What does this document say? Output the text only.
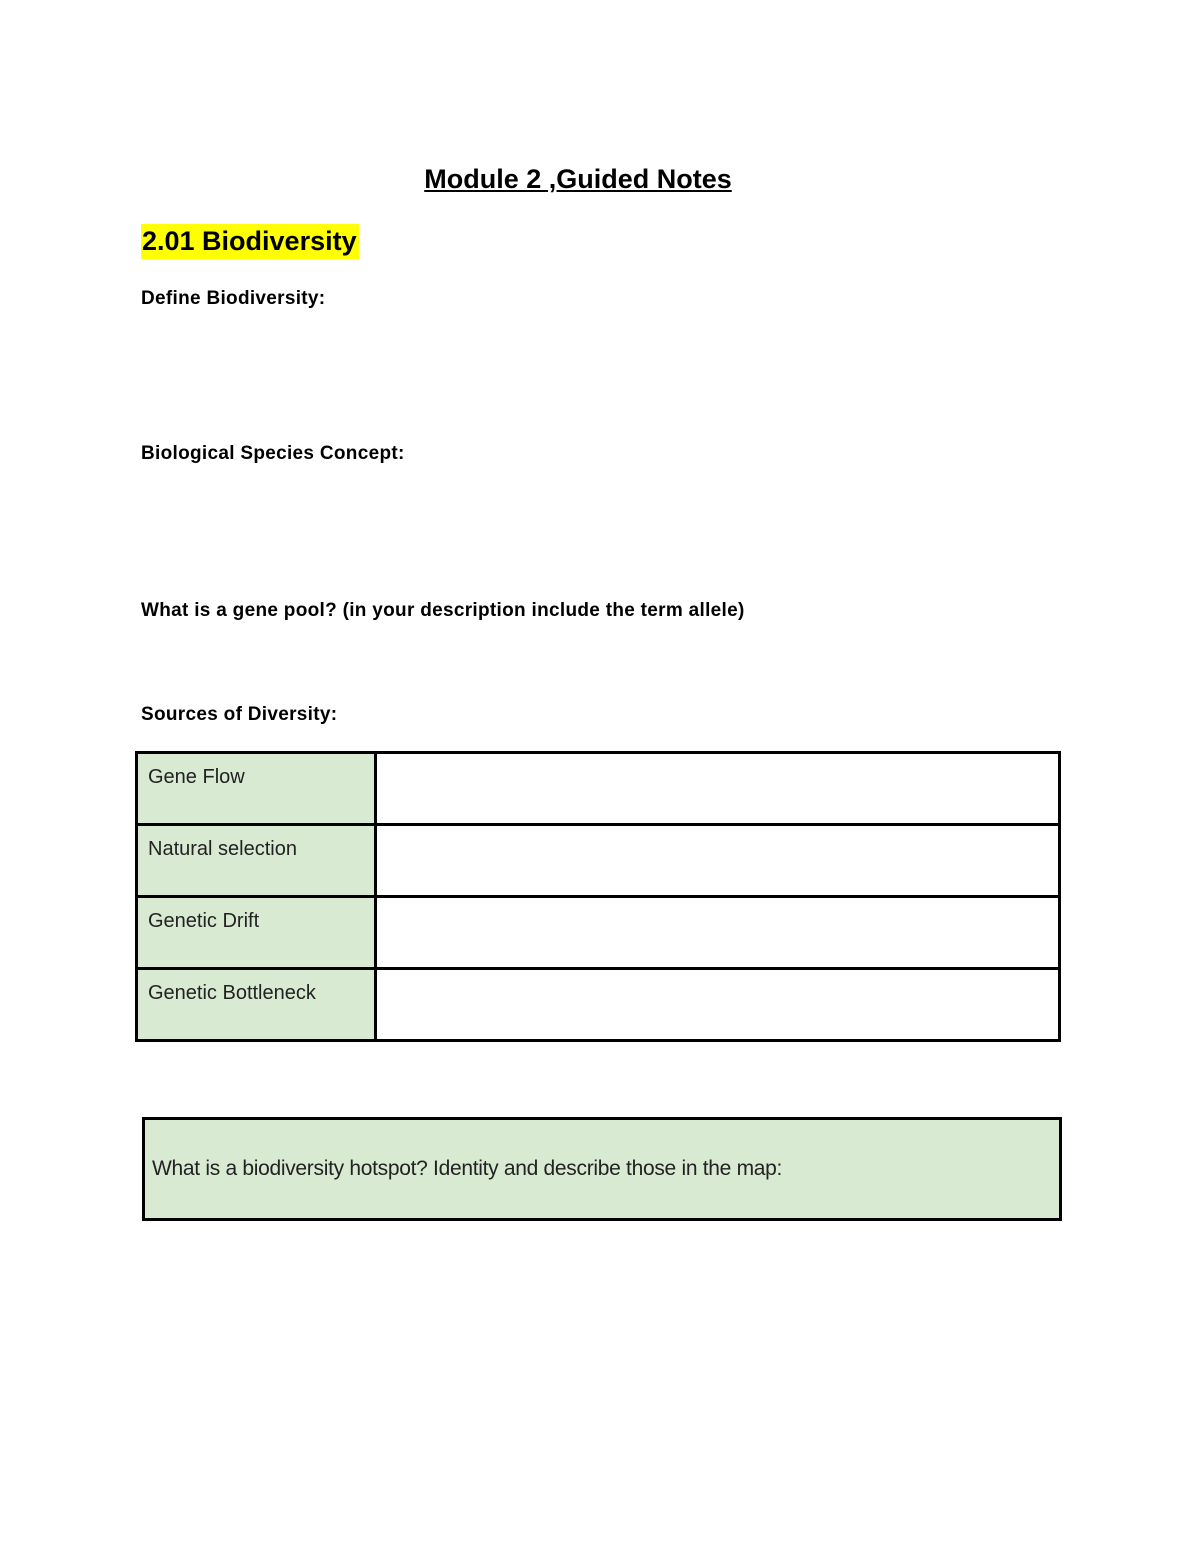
Module 2 ,Guided Notes
2.01 Biodiversity
Define Biodiversity:
Biological Species Concept:
What is a gene pool? (in your description include the term allele)
Sources of Diversity:
Gene Flow	
Natural selection	
Genetic Drift	
Genetic Bottleneck	
What is a biodiversity hotspot? Identity and describe those in the map:
